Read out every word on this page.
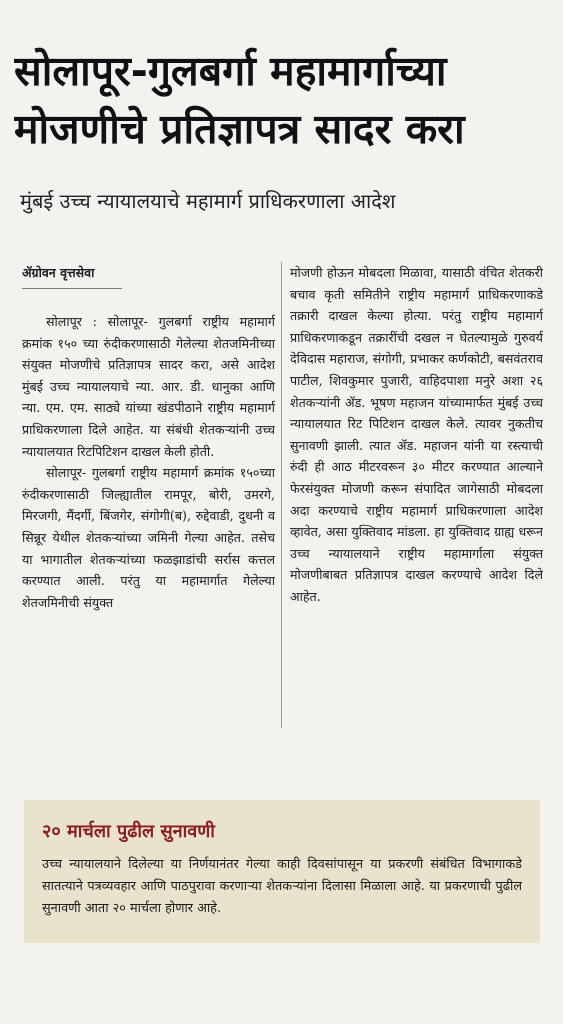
सोलापूर-गुलबर्गा महामार्गाच्या
मोजणीचे प्रतिज्ञापत्र सादर करा
मुंबई उच्च न्यायालयाचे महामार्ग प्राधिकरणाला आदेश
ॲग्रोवन वृत्तसेवा

सोलापूर : सोलापूर- गुलबर्गा राष्ट्रीय महामार्ग क्रमांक १५० च्या रुंदीकरणासाठी गेलेल्या शेतजमिनीच्या संयुक्त मोजणीचे प्रतिज्ञापत्र सादर करा, असे आदेश मुंबई उच्च न्यायालयाचे न्या. आर. डी. धानुका आणि न्या. एम. एम. साठ्ये यांच्या खंडपीठाने राष्ट्रीय महामार्ग प्राधिकरणाला दिले आहेत. या संबंधी शेतकऱ्यांनी उच्च न्यायालयात रिटपिटिशन दाखल केली होती.

सोलापूर- गुलबर्गा राष्ट्रीय महामार्ग क्रमांक १५०च्या रुंदीकरणासाठी जिल्ह्यातील रामपूर, बोरी, उमरगे, मिरजगी, मैंदर्गी, बिंजगेर, संगोगी(ब), रुद्देवाडी, दुधनी व सिन्नूर येथील शेतकऱ्यांच्या जमिनी गेल्या आहेत. तसेच या भागातील शेतकऱ्यांच्या फळझाडांची सर्रास कत्तल करण्यात आली. परंतु या महामार्गात गेलेल्या शेतजमिनीची संयुक्त

मोजणी होऊन मोबदला मिळावा, यासाठी वंचित शेतकरी बचाव कृती समितीने राष्ट्रीय महामार्ग प्राधिकरणाकडे तक्रारी दाखल केल्या होत्या. परंतु राष्ट्रीय महामार्ग प्राधिकरणाकडून तक्रारींची दखल न घेतल्यामुळे गुरुवर्य देविदास महाराज, संगोगी, प्रभाकर कर्णकोटी, बसवंतराव पाटील, शिवकुमार पुजारी, वाहिदपाशा मनुरे अशा २६ शेतकऱ्यांनी ॲड. भूषण महाजन यांच्यामार्फत मुंबई उच्च न्यायालयात रिट पिटिशन दाखल केले. त्यावर नुकतीच सुनावणी झाली. त्यात ॲड. महाजन यांनी या रस्त्याची रुंदी ही आठ मीटरवरून ३० मीटर करण्यात आल्याने फेरसंयुक्त मोजणी करून संपादित जागेसाठी मोबदला अदा करण्याचे राष्ट्रीय महामार्ग प्राधिकरणाला आदेश व्हावेत, असा युक्तिवाद मांडला. हा युक्तिवाद ग्राह्य धरून उच्च न्यायालयाने राष्ट्रीय महामार्गाला संयुक्त मोजणीबाबत प्रतिज्ञापत्र दाखल करण्याचे आदेश दिले आहेत.

२० मार्चला पुढील सुनावणी

उच्च न्यायालयाने दिलेल्या या निर्णयानंतर गेल्या काही दिवसांपासून या प्रकरणी संबंधित विभागाकडे सातत्याने पत्रव्यवहार आणि पाठपुरावा करणाऱ्या शेतकऱ्यांना दिलासा मिळाला आहे. या प्रकरणाची पुढील सुनावणी आता २० मार्चला होणार आहे.
